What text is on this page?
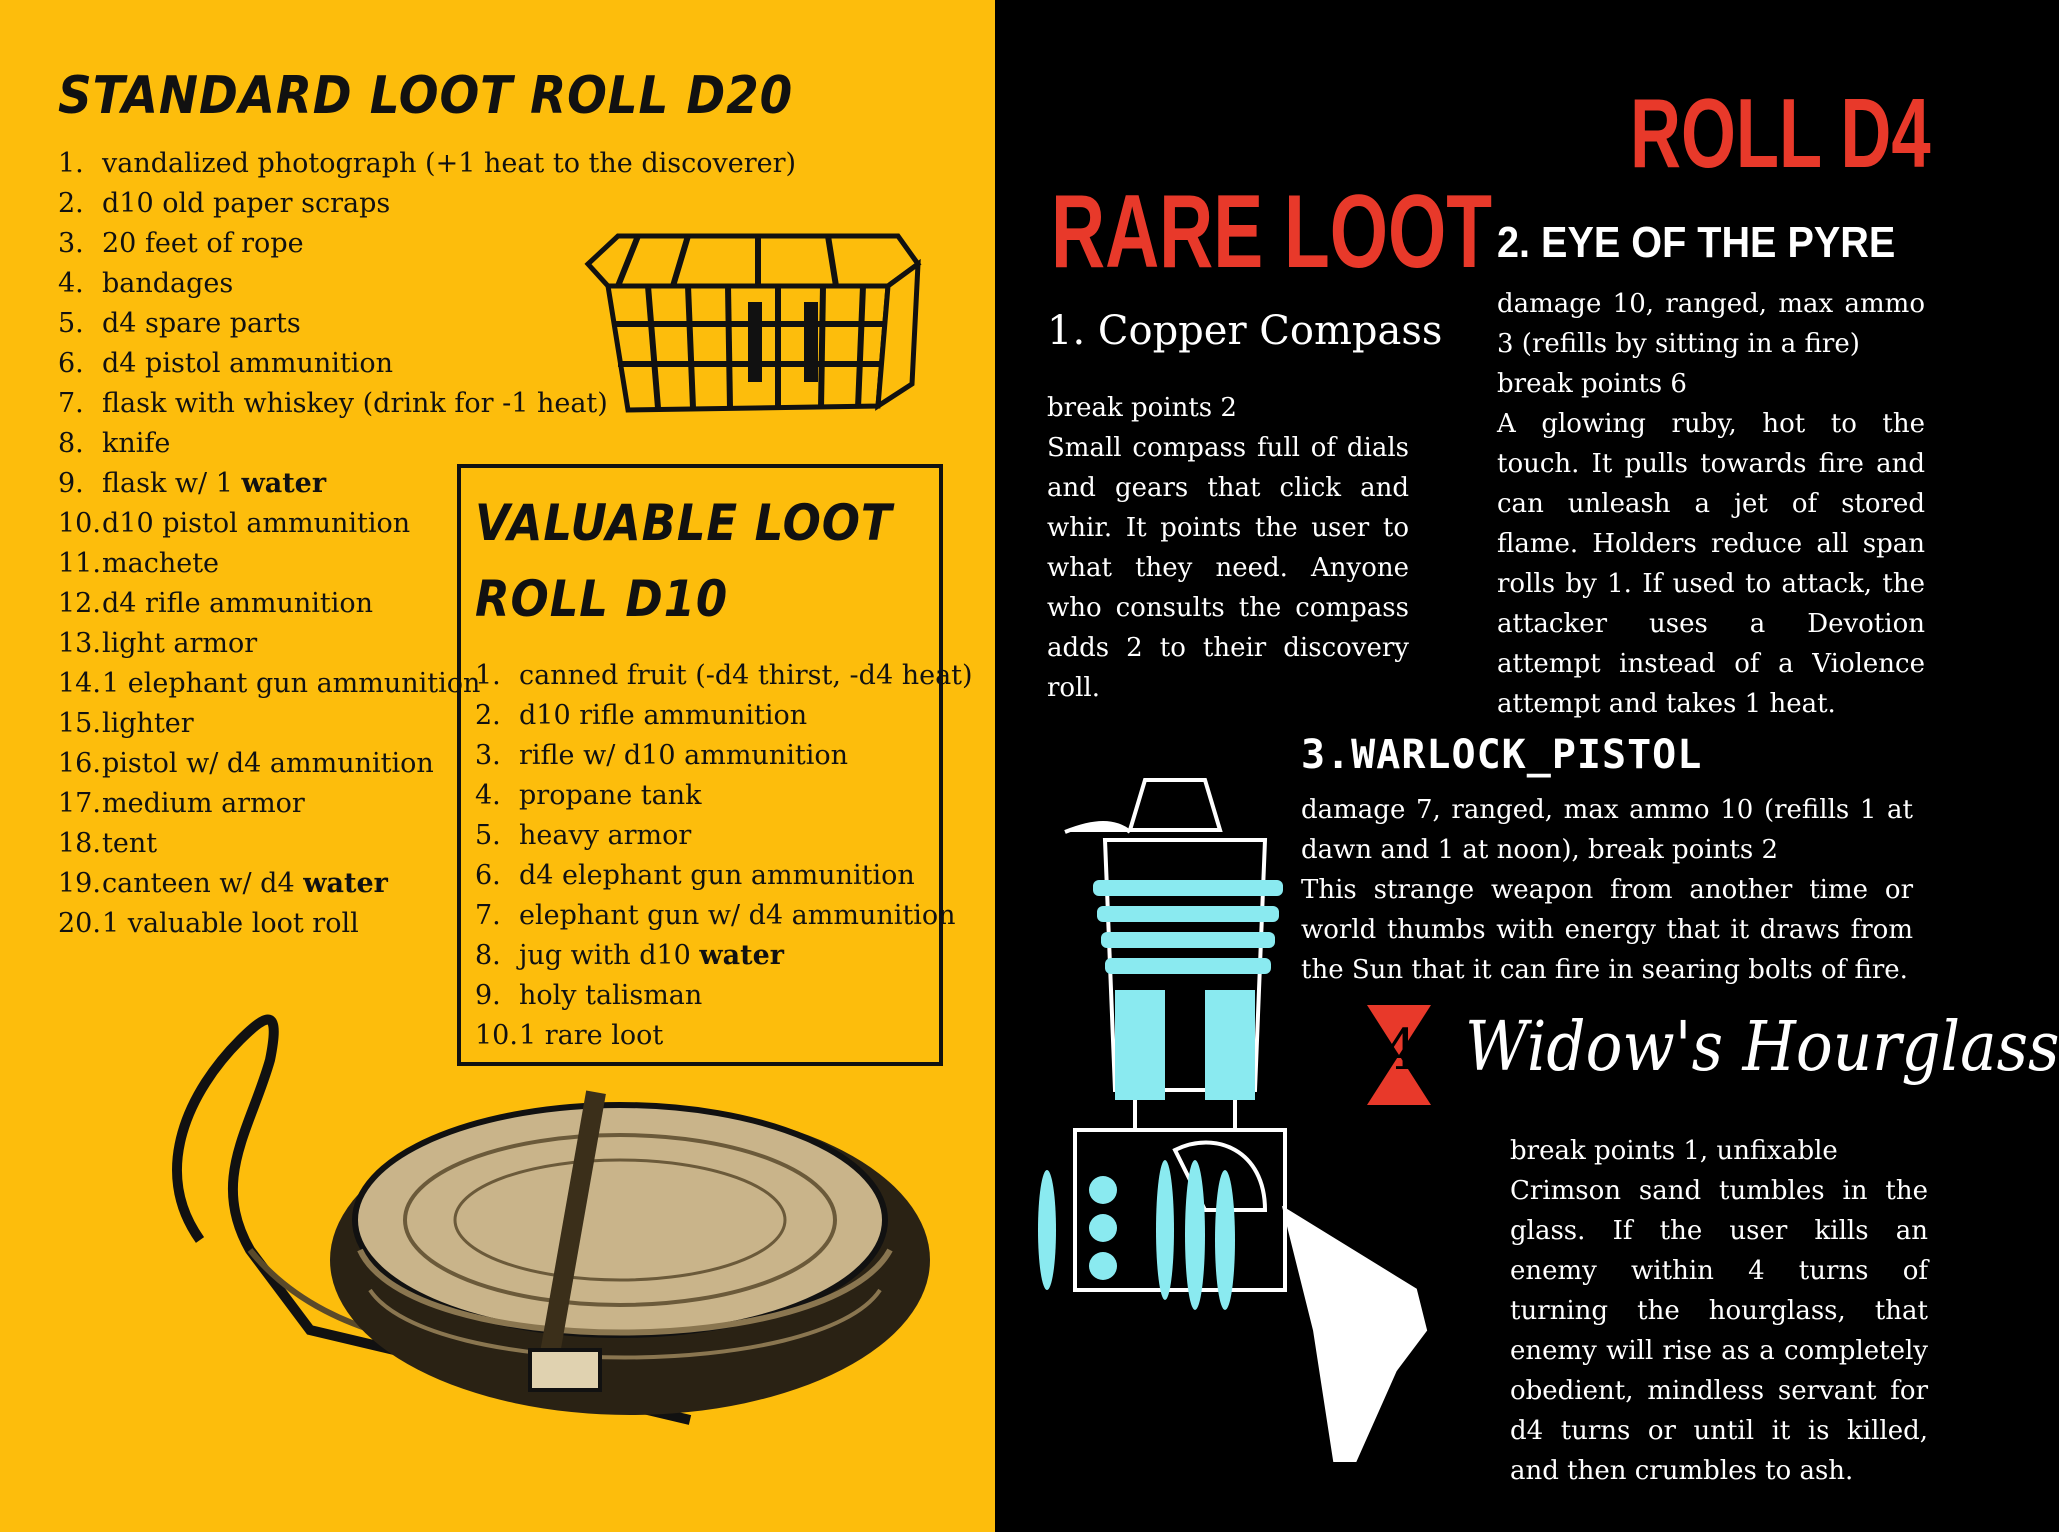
STANDARD LOOT ROLL D20
1. vandalized photograph (+1 heat to the discoverer)
2. d10 old paper scraps
3. 20 feet of rope
4. bandages
5. d4 spare parts
6. d4 pistol ammunition
7. flask with whiskey (drink for -1 heat)
8. knife
9. flask w/ 1 water
10.d10 pistol ammunition
11.machete
12.d4 rifle ammunition
13.light armor
14.1 elephant gun ammunition
15.lighter
16.pistol w/ d4 ammunition
17.medium armor
18.tent
19.canteen w/ d4 water
20.1 valuable loot roll
VALUABLE LOOT
ROLL D10
1. canned fruit (-d4 thirst, -d4 heat)
2. d10 rifle ammunition
3. rifle w/ d10 ammunition
4. propane tank
5. heavy armor
6. d4 elephant gun ammunition
7. elephant gun w/ d4 ammunition
8. jug with d10 water
9. holy talisman
10.1 rare loot
ROLL D4
RARE LOOT
1. Copper Compass
break points 2
Small compass full of dials and gears that click and whir. It points the user to what they need. Anyone who consults the compass adds 2 to their discovery roll.
2. EYE OF THE PYRE
damage 10, ranged, max ammo 3 (refills by sitting in a fire)
break points 6
A glowing ruby, hot to the touch. It pulls towards fire and can unleash a jet of stored flame. Holders reduce all span rolls by 1. If used to attack, the attacker uses a Devotion attempt instead of a Violence attempt and takes 1 heat.
3.WARLOCK_PISTOL
damage 7, ranged, max ammo 10 (refills 1 at dawn and 1 at noon), break points 2
This strange weapon from another time or world thumbs with energy that it draws from the Sun that it can fire in searing bolts of fire.
4. Widow's Hourglass
break points 1, unfixable
Crimson sand tumbles in the glass. If the user kills an enemy within 4 turns of turning the hourglass, that enemy will rise as a completely obedient, mindless servant for d4 turns or until it is killed, and then crumbles to ash.
